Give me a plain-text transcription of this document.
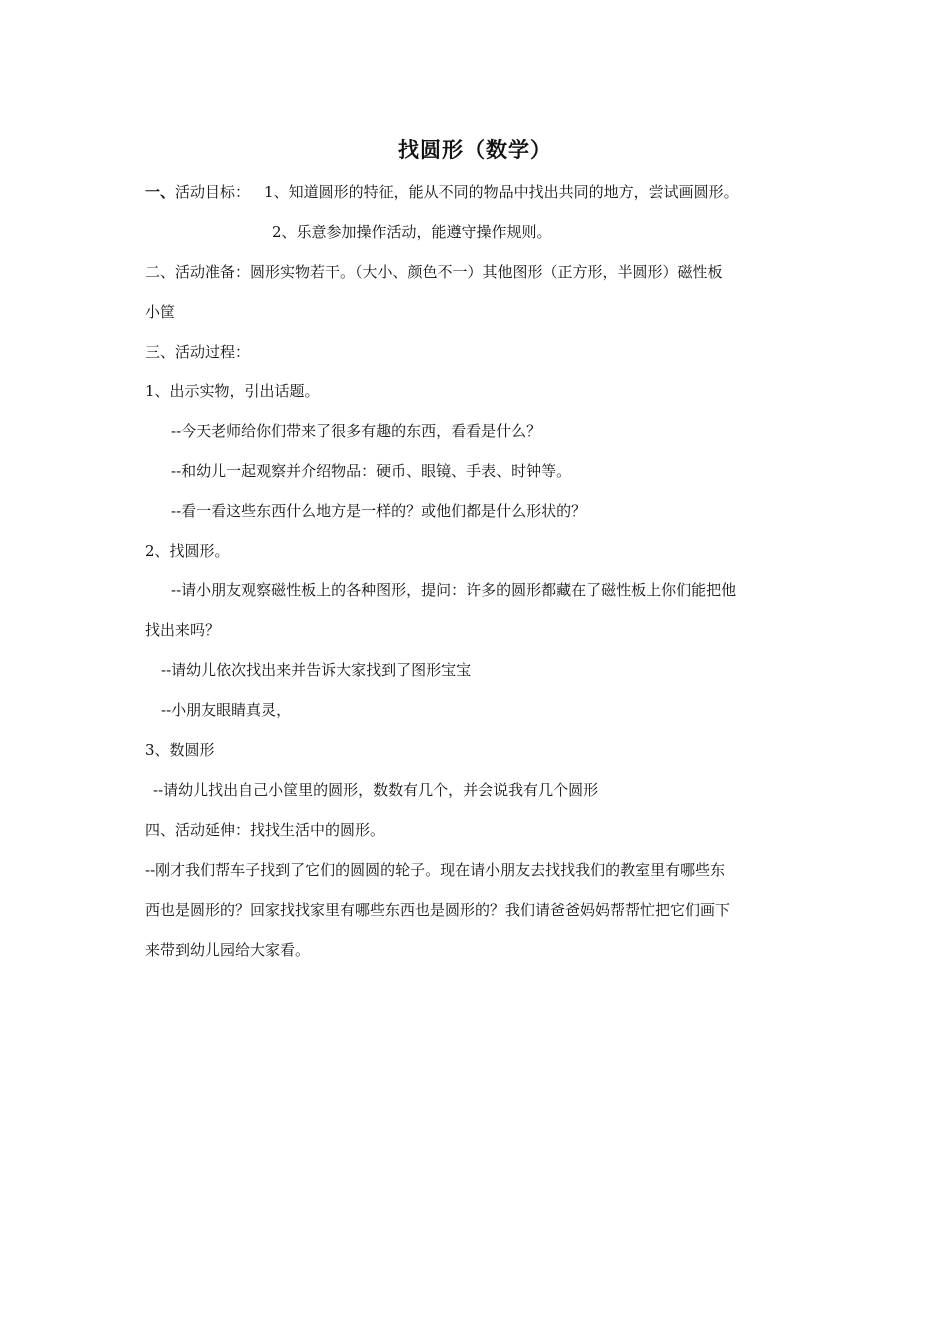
找圆形（数学）

一、活动目标： 1、知道圆形的特征，能从不同的物品中找出共同的地方，尝试画圆形。

2、乐意参加操作活动，能遵守操作规则。

二、活动准备：圆形实物若干。（大小、颜色不一）其他图形（正方形，半圆形）磁性板

小筐

三、活动过程：

1、出示实物，引出话题。

--今天老师给你们带来了很多有趣的东西，看看是什么？

--和幼儿一起观察并介绍物品：硬币、眼镜、手表、时钟等。

--看一看这些东西什么地方是一样的？或他们都是什么形状的？

2、找圆形。

--请小朋友观察磁性板上的各种图形，提问：许多的圆形都藏在了磁性板上你们能把他

找出来吗？

--请幼儿依次找出来并告诉大家找到了图形宝宝

--小朋友眼睛真灵，

3、数圆形

--请幼儿找出自己小筐里的圆形，数数有几个，并会说我有几个圆形

四、活动延伸：找找生活中的圆形。

--刚才我们帮车子找到了它们的圆圆的轮子。现在请小朋友去找找我们的教室里有哪些东

西也是圆形的？回家找找家里有哪些东西也是圆形的？我们请爸爸妈妈帮帮忙把它们画下

来带到幼儿园给大家看。
